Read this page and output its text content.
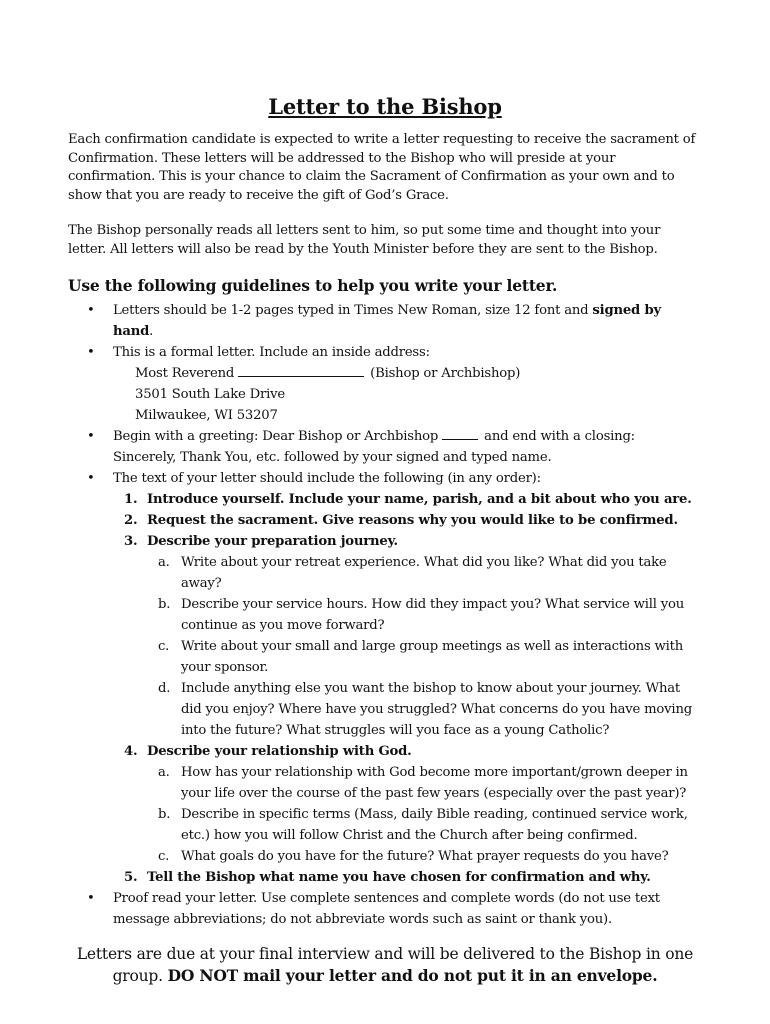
Letter to the Bishop

Each confirmation candidate is expected to write a letter requesting to receive the sacrament of Confirmation. These letters will be addressed to the Bishop who will preside at your confirmation. This is your chance to claim the Sacrament of Confirmation as your own and to show that you are ready to receive the gift of God’s Grace.

The Bishop personally reads all letters sent to him, so put some time and thought into your letter. All letters will also be read by the Youth Minister before they are sent to the Bishop.

Use the following guidelines to help you write your letter.
• Letters should be 1-2 pages typed in Times New Roman, size 12 font and signed by hand.
• This is a formal letter. Include an inside address:
Most Reverend	(Bishop or Archbishop)
3501 South Lake Drive
Milwaukee, WI 53207
• Begin with a greeting: Dear Bishop or Archbishop	and end with a closing: Sincerely, Thank You, etc. followed by your signed and typed name.
• The text of your letter should include the following (in any order):
1. Introduce yourself. Include your name, parish, and a bit about who you are.
2. Request the sacrament. Give reasons why you would like to be confirmed.
3. Describe your preparation journey.
a. Write about your retreat experience. What did you like? What did you take away?
b. Describe your service hours. How did they impact you? What service will you continue as you move forward?
c. Write about your small and large group meetings as well as interactions with your sponsor.
d. Include anything else you want the bishop to know about your journey. What did you enjoy? Where have you struggled? What concerns do you have moving into the future? What struggles will you face as a young Catholic?
4. Describe your relationship with God.
a. How has your relationship with God become more important/grown deeper in your life over the course of the past few years (especially over the past year)?
b. Describe in specific terms (Mass, daily Bible reading, continued service work, etc.) how you will follow Christ and the Church after being confirmed.
c. What goals do you have for the future? What prayer requests do you have?
5. Tell the Bishop what name you have chosen for confirmation and why.
• Proof read your letter. Use complete sentences and complete words (do not use text message abbreviations; do not abbreviate words such as saint or thank you).
Letters are due at your final interview and will be delivered to the Bishop in one group. DO NOT mail your letter and do not put it in an envelope.
